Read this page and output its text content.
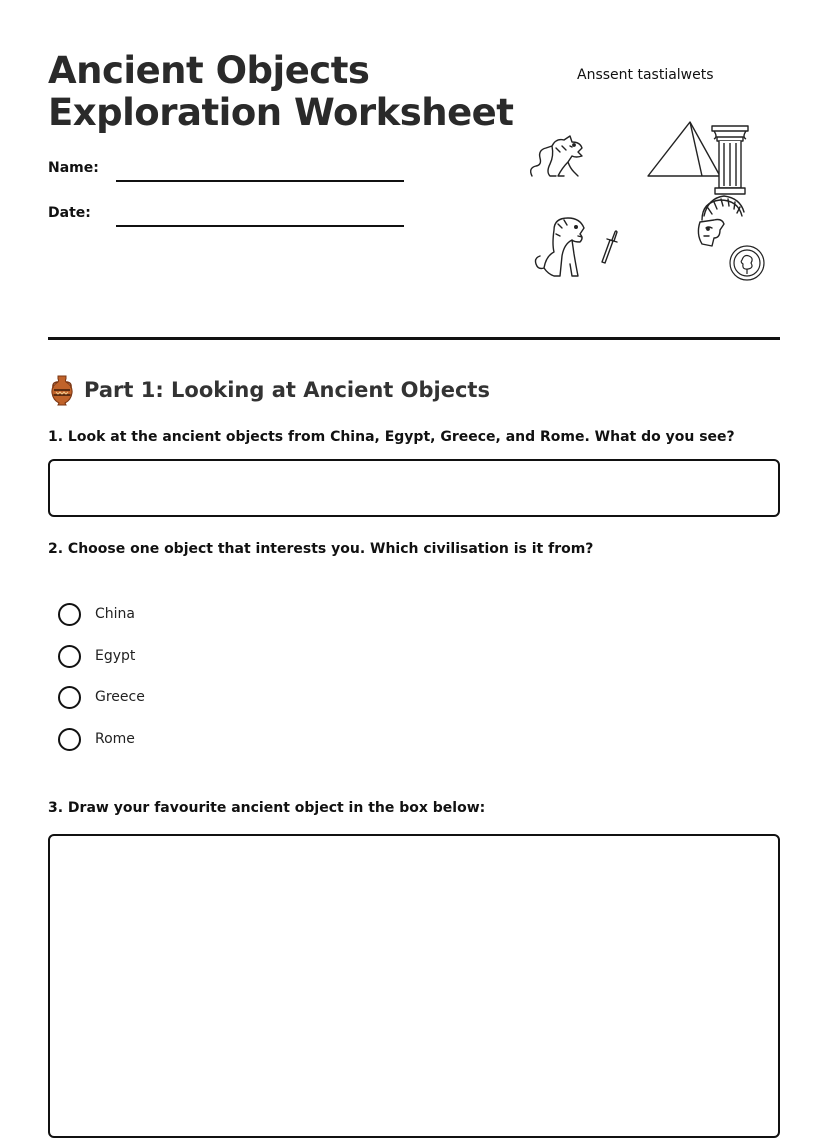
Ancient Objects
Exploration Worksheet
Name:
Date:
Anssent tastialwets
Part 1: Looking at Ancient Objects

1. Look at the ancient objects from China, Egypt, Greece, and Rome. What do you see?

2. Choose one object that interests you. Which civilisation is it from?

China
Egypt
Greece
Rome

3. Draw your favourite ancient object in the box below:
